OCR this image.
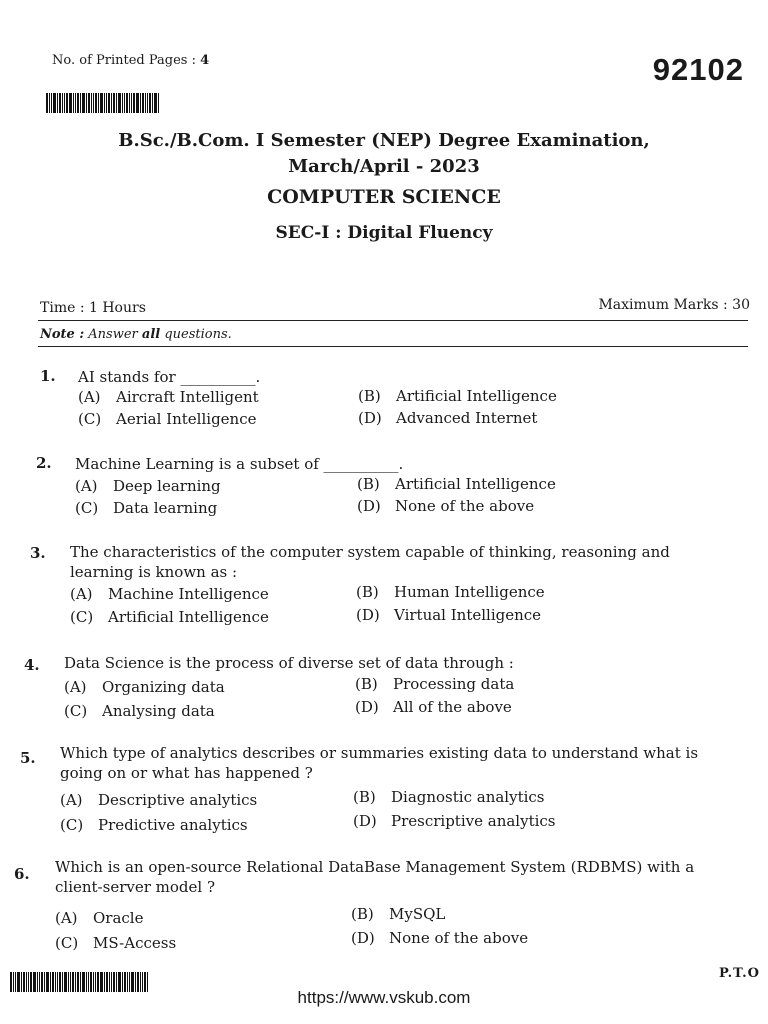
No. of Printed Pages : 4	92102
B.Sc./B.Com. I Semester (NEP) Degree Examination,
March/April - 2023
COMPUTER SCIENCE
SEC-I : Digital Fluency
Time : 1 Hours	Maximum Marks : 30
Note : Answer all questions.
1. AI stands for __________.
(A) Aircraft Intelligent	(B) Artificial Intelligence
(C) Aerial Intelligence	(D) Advanced Internet
2. Machine Learning is a subset of __________.
(A) Deep learning	(B) Artificial Intelligence
(C) Data learning	(D) None of the above
3. The characteristics of the computer system capable of thinking, reasoning and learning is known as :
(A) Machine Intelligence	(B) Human Intelligence
(C) Artificial Intelligence	(D) Virtual Intelligence
4. Data Science is the process of diverse set of data through :
(A) Organizing data	(B) Processing data
(C) Analysing data	(D) All of the above
5. Which type of analytics describes or summaries existing data to understand what is going on or what has happened ?
(A) Descriptive analytics	(B) Diagnostic analytics
(C) Predictive analytics	(D) Prescriptive analytics
6. Which is an open-source Relational DataBase Management System (RDBMS) with a client-server model ?
(A) Oracle	(B) MySQL
(C) MS-Access	(D) None of the above
P.T.O
https://www.vskub.com
